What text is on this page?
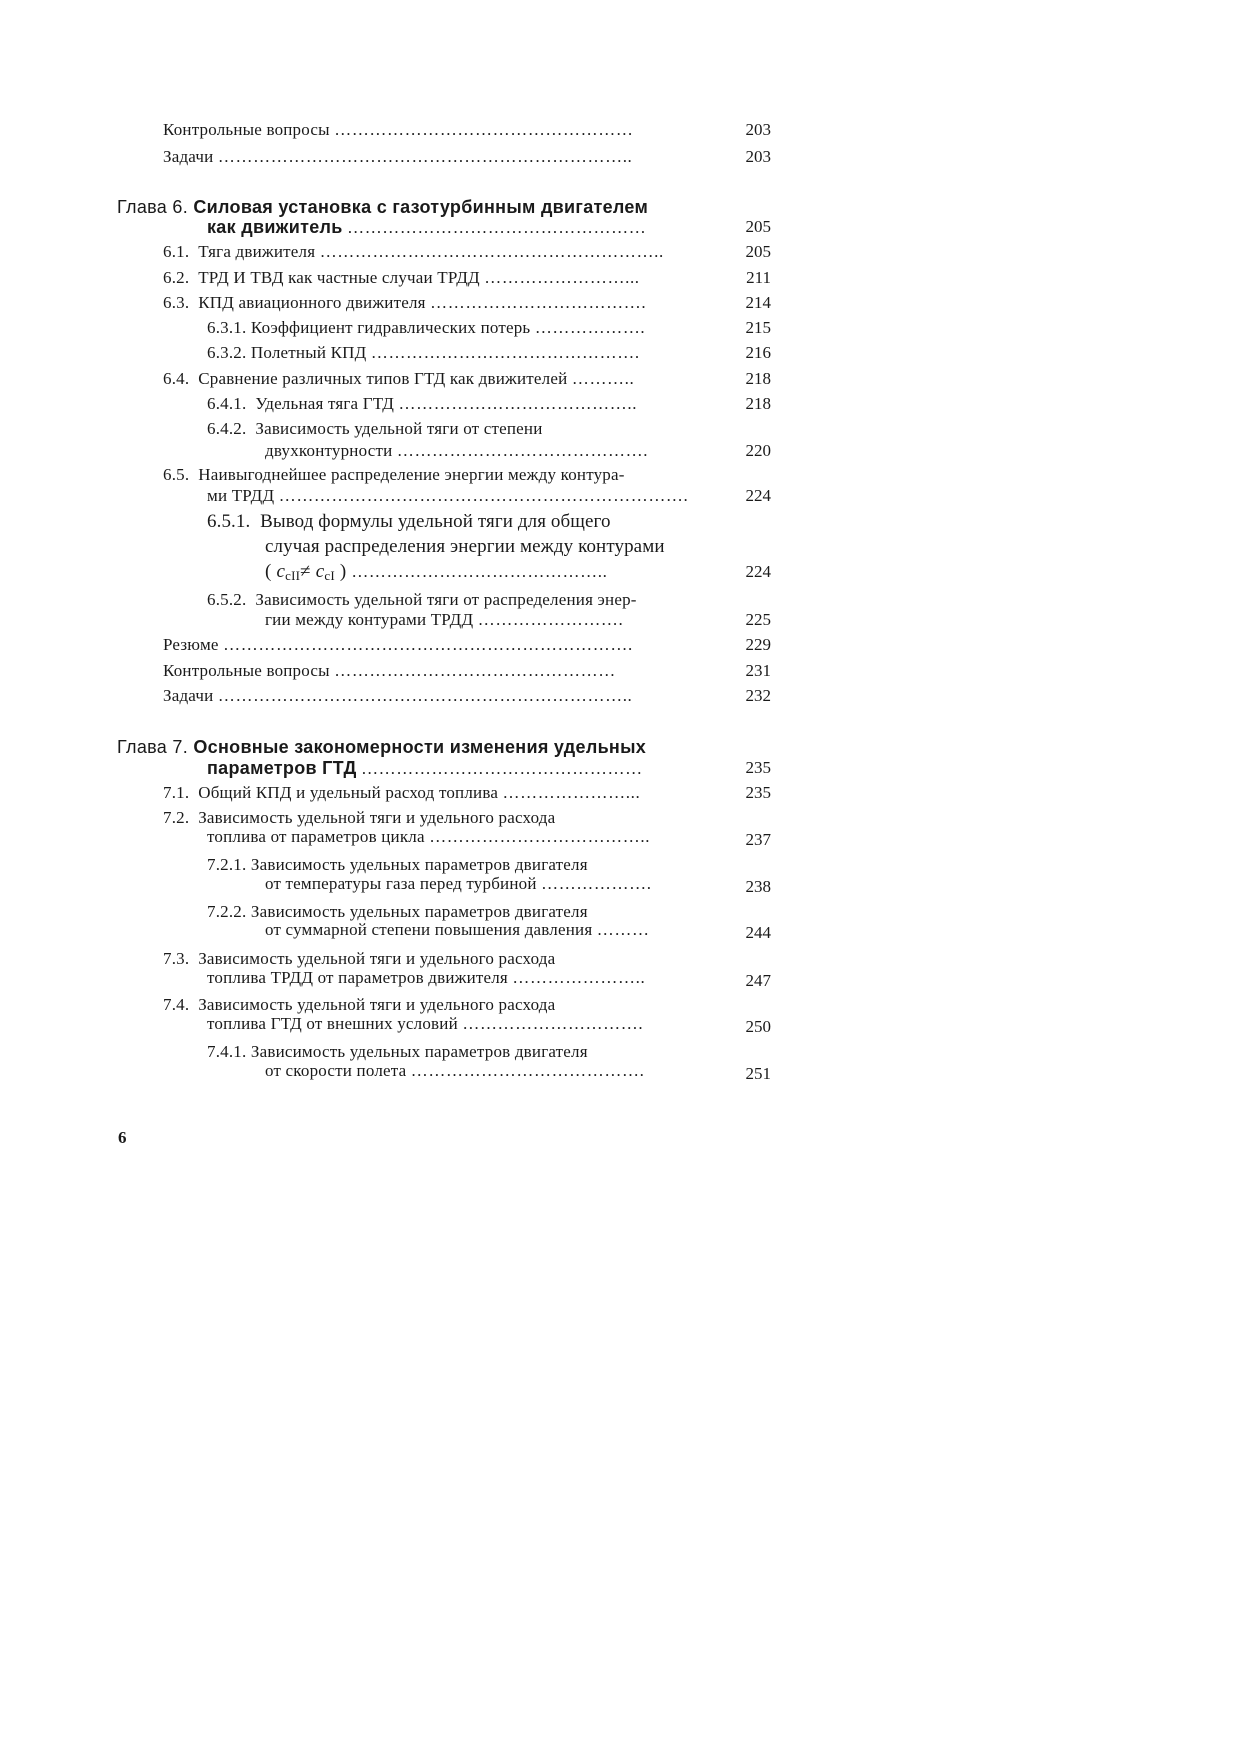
Контрольные вопросы ……………………………………………	203
Задачи ……………………………………………………………..	203
Глава 6. Силовая установка с газотурбинным двигателем
как движитель ……………………………………………	205
6.1. Тяга движителя …………………………………………………..	205
6.2. ТРД И ТВД как частные случаи ТРДД ……………………...	211
6.3. КПД авиационного движителя ……………………………….	214
6.3.1. Коэффициент гидравлических потерь ……………….	215
6.3.2. Полетный КПД ……………………………………….	216
6.4. Сравнение различных типов ГТД как движителей ………..	218
6.4.1. Удельная тяга ГТД …………………………………..	218
6.4.2. Зависимость удельной тяги от степени
двухконтурности …………………………………….	220
6.5. Наивыгоднейшее распределение энергии между контура-
ми ТРДД …………………………………………………………….	224
6.5.1. Вывод формулы удельной тяги для общего
случая распределения энергии между контурами
( $c_{cII}\ne c_{cI}$ ) ……………………………………..	224
6.5.2. Зависимость удельной тяги от распределения энер-
гии между контурами ТРДД …………………….	225
Резюме …………………………………………………………….	229
Контрольные вопросы …………………………………………	231
Задачи ……………………………………………………………..	232
Глава 7. Основные закономерности изменения удельных
параметров ГТД …………………………………………	235
7.1. Общий КПД и удельный расход топлива …………………...	235
7.2. Зависимость удельной тяги и удельного расхода
топлива от параметров цикла ………………………………..	237
7.2.1. Зависимость удельных параметров двигателя
от температуры газа перед турбиной ……………….	238
7.2.2. Зависимость удельных параметров двигателя
от суммарной степени повышения давления ………	244
7.3. Зависимость удельной тяги и удельного расхода
топлива ТРДД от параметров движителя …………………..	247
7.4. Зависимость удельной тяги и удельного расхода
топлива ГТД от внешних условий ………………………….	250
7.4.1. Зависимость удельных параметров двигателя
от скорости полета ………………………………….	251
6
